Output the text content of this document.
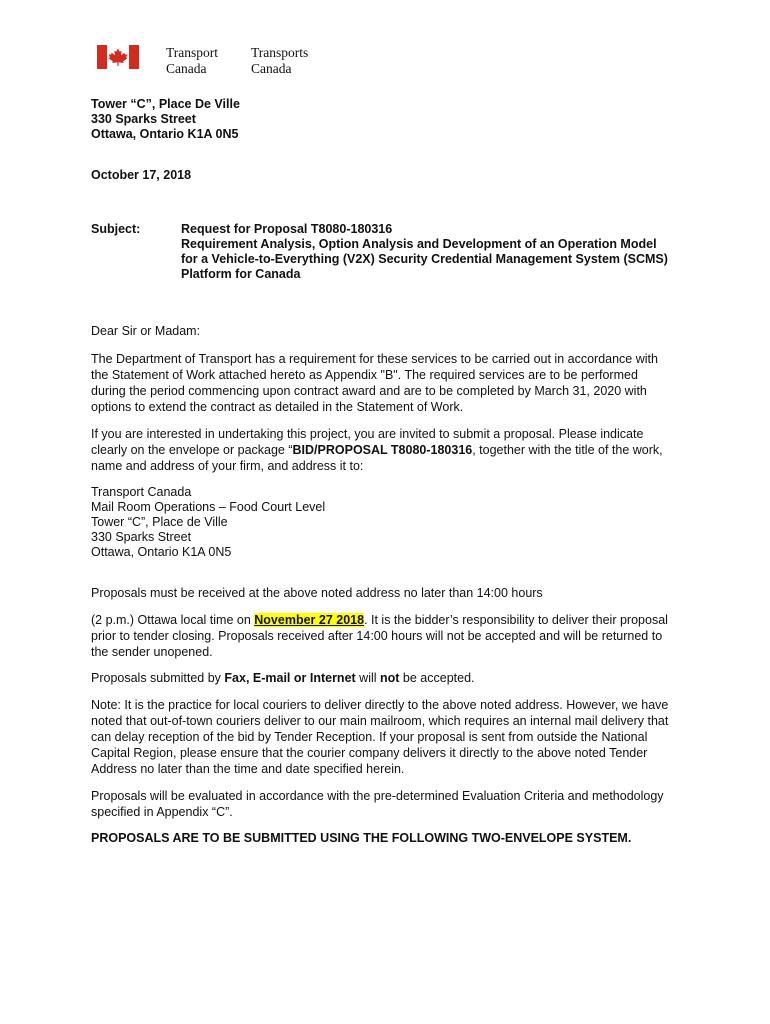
Transport
Canada
Transports
Canada
Tower “C”, Place De Ville
330 Sparks Street
Ottawa, Ontario K1A 0N5
October 17, 2018
Subject:	Request for Proposal T8080-180316
Requirement Analysis, Option Analysis and Development of an Operation Model
for a Vehicle-to-Everything (V2X) Security Credential Management System (SCMS)
Platform for Canada
Dear Sir or Madam:

The Department of Transport has a requirement for these services to be carried out in accordance with

the Statement of Work attached hereto as Appendix "B". The required services are to be performed

during the period commencing upon contract award and are to be completed by March 31, 2020 with

options to extend the contract as detailed in the Statement of Work.

If you are interested in undertaking this project, you are invited to submit a proposal. Please indicate

clearly on the envelope or package “BID/PROPOSAL T8080-180316, together with the title of the work,

name and address of your firm, and address it to:

Transport Canada
Mail Room Operations – Food Court Level
Tower “C”, Place de Ville
330 Sparks Street
Ottawa, Ontario K1A 0N5

Proposals must be received at the above noted address no later than 14:00 hours

(2 p.m.) Ottawa local time on November 27 2018. It is the bidder’s responsibility to deliver their proposal

prior to tender closing. Proposals received after 14:00 hours will not be accepted and will be returned to

the sender unopened.

Proposals submitted by Fax, E-mail or Internet will not be accepted.

Note: It is the practice for local couriers to deliver directly to the above noted address. However, we have

noted that out-of-town couriers deliver to our main mailroom, which requires an internal mail delivery that

can delay reception of the bid by Tender Reception. If your proposal is sent from outside the National

Capital Region, please ensure that the courier company delivers it directly to the above noted Tender

Address no later than the time and date specified herein.

Proposals will be evaluated in accordance with the pre-determined Evaluation Criteria and methodology

specified in Appendix “C”.

PROPOSALS ARE TO BE SUBMITTED USING THE FOLLOWING TWO-ENVELOPE SYSTEM.
